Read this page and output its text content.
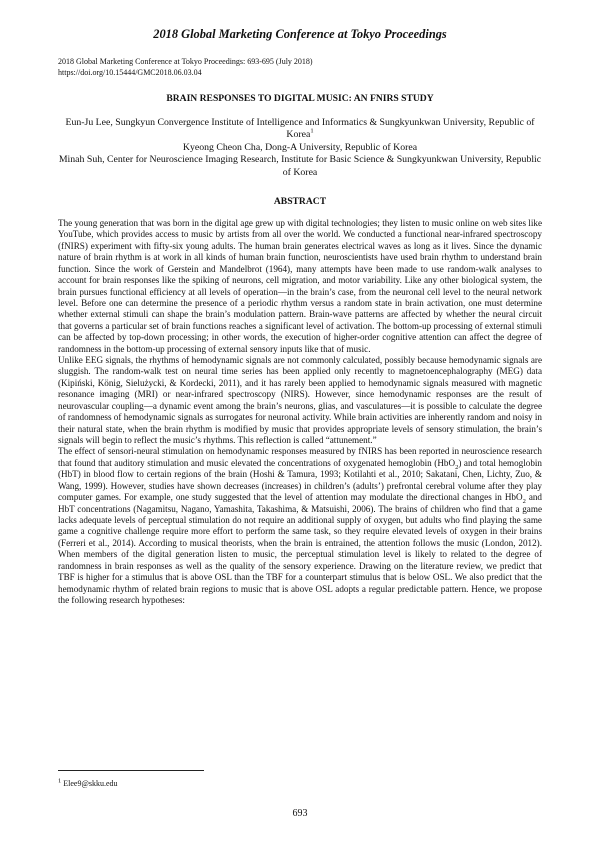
2018 Global Marketing Conference at Tokyo Proceedings
2018 Global Marketing Conference at Tokyo Proceedings: 693-695 (July 2018)
https://doi.org/10.15444/GMC2018.06.03.04
BRAIN RESPONSES TO DIGITAL MUSIC: AN FNIRS STUDY
Eun-Ju Lee, Sungkyun Convergence Institute of Intelligence and Informatics & Sungkyunkwan University, Republic of Korea$^1$
Kyeong Cheon Cha, Dong-A University, Republic of Korea
Minah Suh, Center for Neuroscience Imaging Research, Institute for Basic Science & Sungkyunkwan University, Republic of Korea
ABSTRACT

The young generation that was born in the digital age grew up with digital technologies; they listen to music online on web sites like YouTube, which provides access to music by artists from all over the world. We conducted a functional near-infrared spectroscopy (fNIRS) experiment with fifty-six young adults. The human brain generates electrical waves as long as it lives. Since the dynamic nature of brain rhythm is at work in all kinds of human brain function, neuroscientists have used brain rhythm to understand brain function. Since the work of Gerstein and Mandelbrot (1964), many attempts have been made to use random-walk analyses to account for brain responses like the spiking of neurons, cell migration, and motor variability. Like any other biological system, the brain pursues functional efficiency at all levels of operation—in the brain’s case, from the neuronal cell level to the neural network level. Before one can determine the presence of a periodic rhythm versus a random state in brain activation, one must determine whether external stimuli can shape the brain’s modulation pattern. Brain-wave patterns are affected by whether the neural circuit that governs a particular set of brain functions reaches a significant level of activation. The bottom-up processing of external stimuli can be affected by top-down processing; in other words, the execution of higher-order cognitive attention can affect the degree of randomness in the bottom-up processing of external sensory inputs like that of music.

Unlike EEG signals, the rhythms of hemodynamic signals are not commonly calculated, possibly because hemodynamic signals are sluggish. The random-walk test on neural time series has been applied only recently to magnetoencephalography (MEG) data (Kipiński, König, Sielużycki, & Kordecki, 2011), and it has rarely been applied to hemodynamic signals measured with magnetic resonance imaging (MRI) or near-infrared spectroscopy (NIRS). However, since hemodynamic responses are the result of neurovascular coupling—a dynamic event among the brain’s neurons, glias, and vasculatures—it is possible to calculate the degree of randomness of hemodynamic signals as surrogates for neuronal activity. While brain activities are inherently random and noisy in their natural state, when the brain rhythm is modified by music that provides appropriate levels of sensory stimulation, the brain’s signals will begin to reflect the music’s rhythms. This reflection is called “attunement.”

The effect of sensori-neural stimulation on hemodynamic responses measured by fNIRS has been reported in neuroscience research that found that auditory stimulation and music elevated the concentrations of oxygenated hemoglobin (HbO$_2$) and total hemoglobin (HbT) in blood flow to certain regions of the brain (Hoshi & Tamura, 1993; Kotilahti et al., 2010; Sakatani, Chen, Lichty, Zuo, & Wang, 1999). However, studies have shown decreases (increases) in children’s (adults’) prefrontal cerebral volume after they play computer games. For example, one study suggested that the level of attention may modulate the directional changes in HbO$_2$ and HbT concentrations (Nagamitsu, Nagano, Yamashita, Takashima, & Matsuishi, 2006). The brains of children who find that a game lacks adequate levels of perceptual stimulation do not require an additional supply of oxygen, but adults who find playing the same game a cognitive challenge require more effort to perform the same task, so they require elevated levels of oxygen in their brains (Ferreri et al., 2014). According to musical theorists, when the brain is entrained, the attention follows the music (London, 2012). When members of the digital generation listen to music, the perceptual stimulation level is likely to related to the degree of randomness in brain responses as well as the quality of the sensory experience. Drawing on the literature review, we predict that TBF is higher for a stimulus that is above OSL than the TBF for a counterpart stimulus that is below OSL. We also predict that the hemodynamic rhythm of related brain regions to music that is above OSL adopts a regular predictable pattern. Hence, we propose the following research hypotheses:

$^1$ Elee9@skku.edu
693
